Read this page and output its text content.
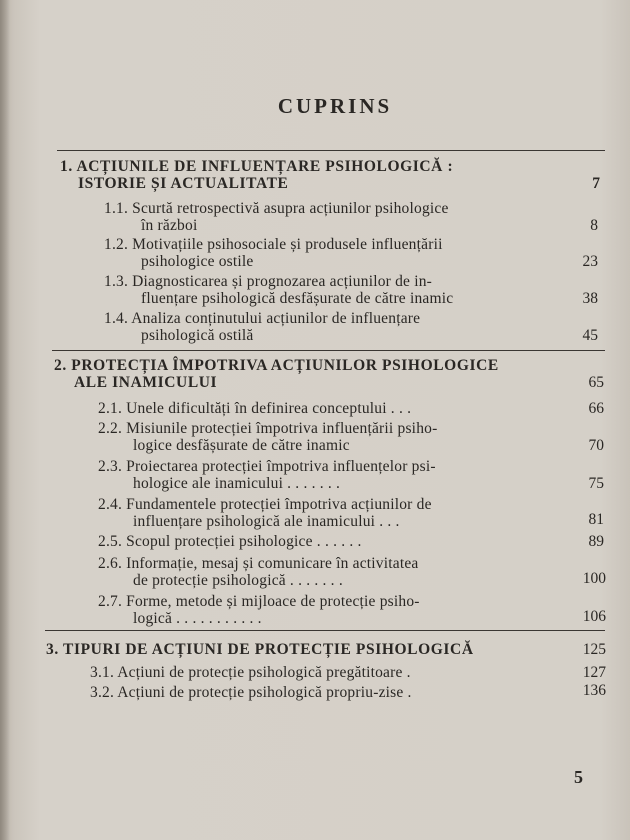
CUPRINS
1. ACȚIUNILE DE INFLUENȚARE PSIHOLOGICĂ :
ISTORIE ȘI ACTUALITATE	7
1.1. Scurtă retrospectivă asupra acțiunilor psihologice
în război	8
1.2. Motivațiile psihosociale și produsele influențării
psihologice ostile	23
1.3. Diagnosticarea și prognozarea acțiunilor de in-
fluențare psihologică desfășurate de către inamic	38
1.4. Analiza conținutului acțiunilor de influențare
psihologică ostilă	45
2. PROTECȚIA ÎMPOTRIVA ACȚIUNILOR PSIHOLOGICE
ALE INAMICULUI	65
2.1. Unele dificultăți în definirea conceptului . . .	66
2.2. Misiunile protecției împotriva influențării psiho-
logice desfășurate de către inamic	70
2.3. Proiectarea protecției împotriva influențelor psi-
hologice ale inamicului . . . . . . .	75
2.4. Fundamentele protecției împotriva acțiunilor de
influențare psihologică ale inamicului . . .	81
2.5. Scopul protecției psihologice . . . . . .	89
2.6. Informație, mesaj și comunicare în activitatea
de protecție psihologică . . . . . . .	100
2.7. Forme, metode și mijloace de protecție psiho-
logică . . . . . . . . . . .	106
3. TIPURI DE ACȚIUNI DE PROTECȚIE PSIHOLOGICĂ	125
3.1. Acțiuni de protecție psihologică pregătitoare .	127
3.2. Acțiuni de protecție psihologică propriu-zise .	136
5
